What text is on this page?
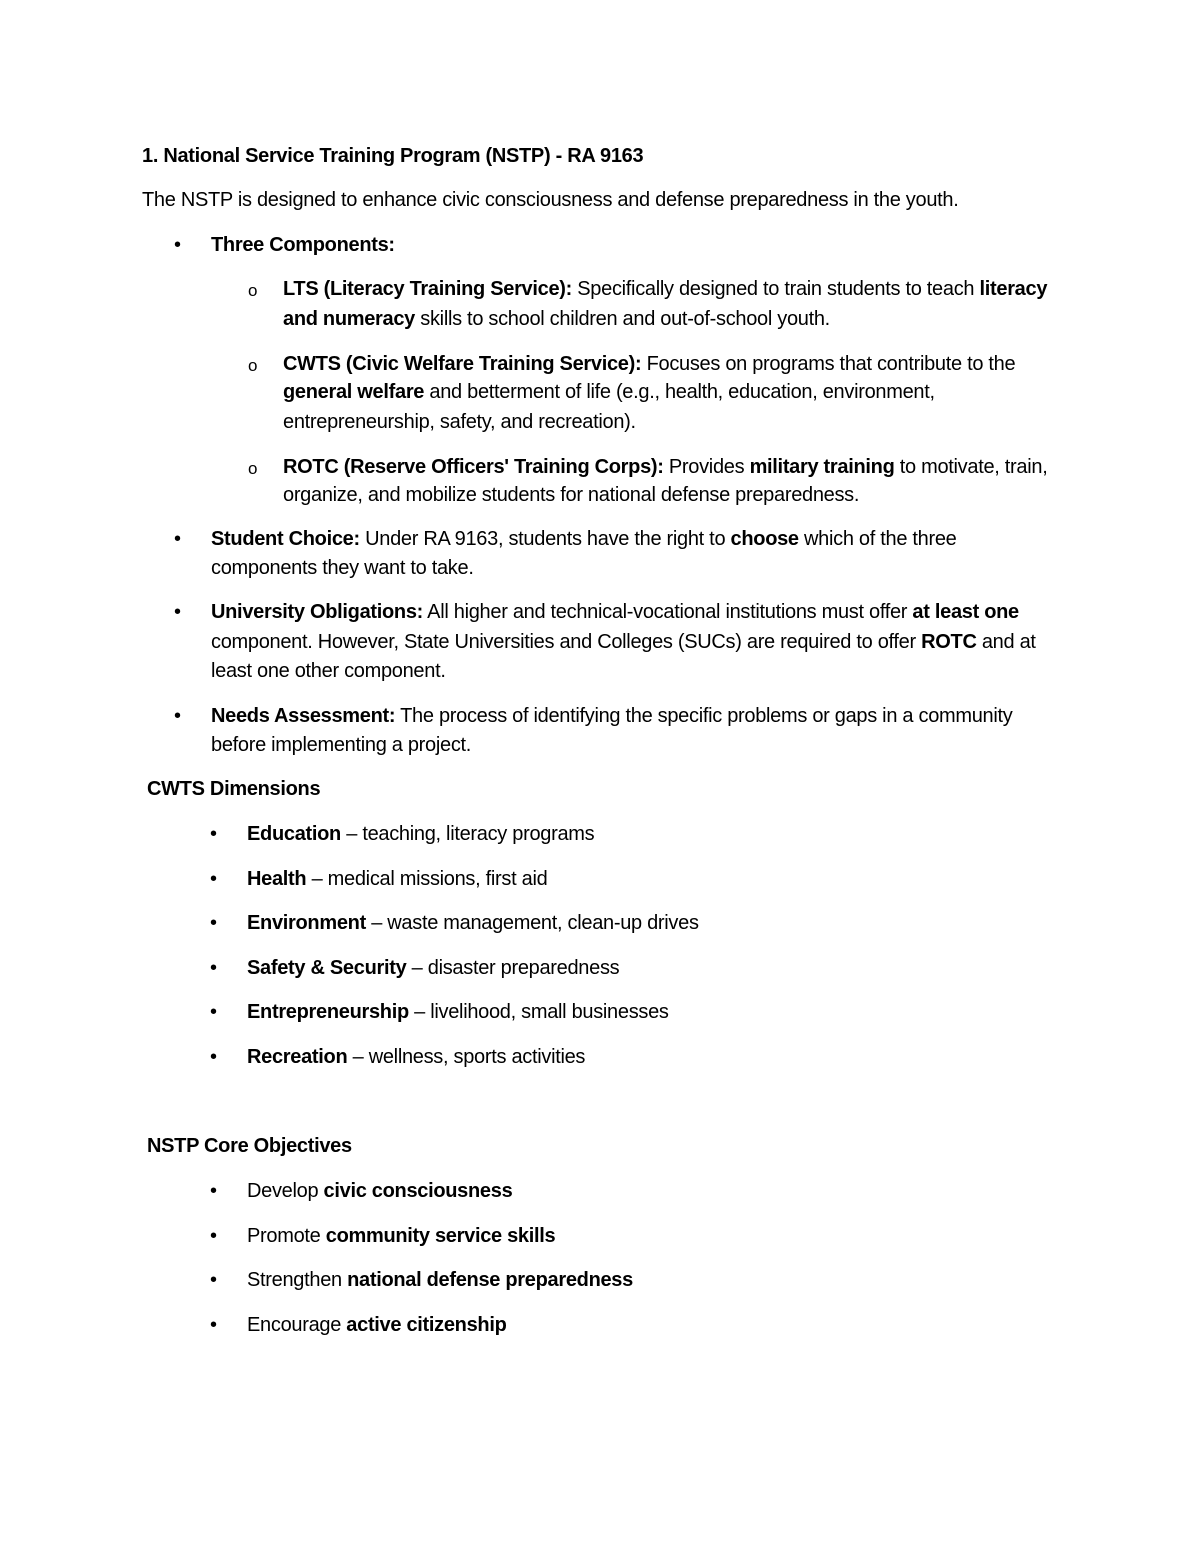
1. National Service Training Program (NSTP) - RA 9163
The NSTP is designed to enhance civic consciousness and defense preparedness in the youth.
• Three Components:
o LTS (Literacy Training Service): Specifically designed to train students to teach literacy
and numeracy skills to school children and out-of-school youth.
o CWTS (Civic Welfare Training Service): Focuses on programs that contribute to the
general welfare and betterment of life (e.g., health, education, environment,
entrepreneurship, safety, and recreation).
o ROTC (Reserve Officers' Training Corps): Provides military training to motivate, train,
organize, and mobilize students for national defense preparedness.
• Student Choice: Under RA 9163, students have the right to choose which of the three
components they want to take.
• University Obligations: All higher and technical-vocational institutions must offer at least one
component. However, State Universities and Colleges (SUCs) are required to offer ROTC and at
least one other component.
• Needs Assessment: The process of identifying the specific problems or gaps in a community
before implementing a project.
CWTS Dimensions
• Education – teaching, literacy programs
• Health – medical missions, first aid
• Environment – waste management, clean-up drives
• Safety & Security – disaster preparedness
• Entrepreneurship – livelihood, small businesses
• Recreation – wellness, sports activities
NSTP Core Objectives
• Develop civic consciousness
• Promote community service skills
• Strengthen national defense preparedness
• Encourage active citizenship
